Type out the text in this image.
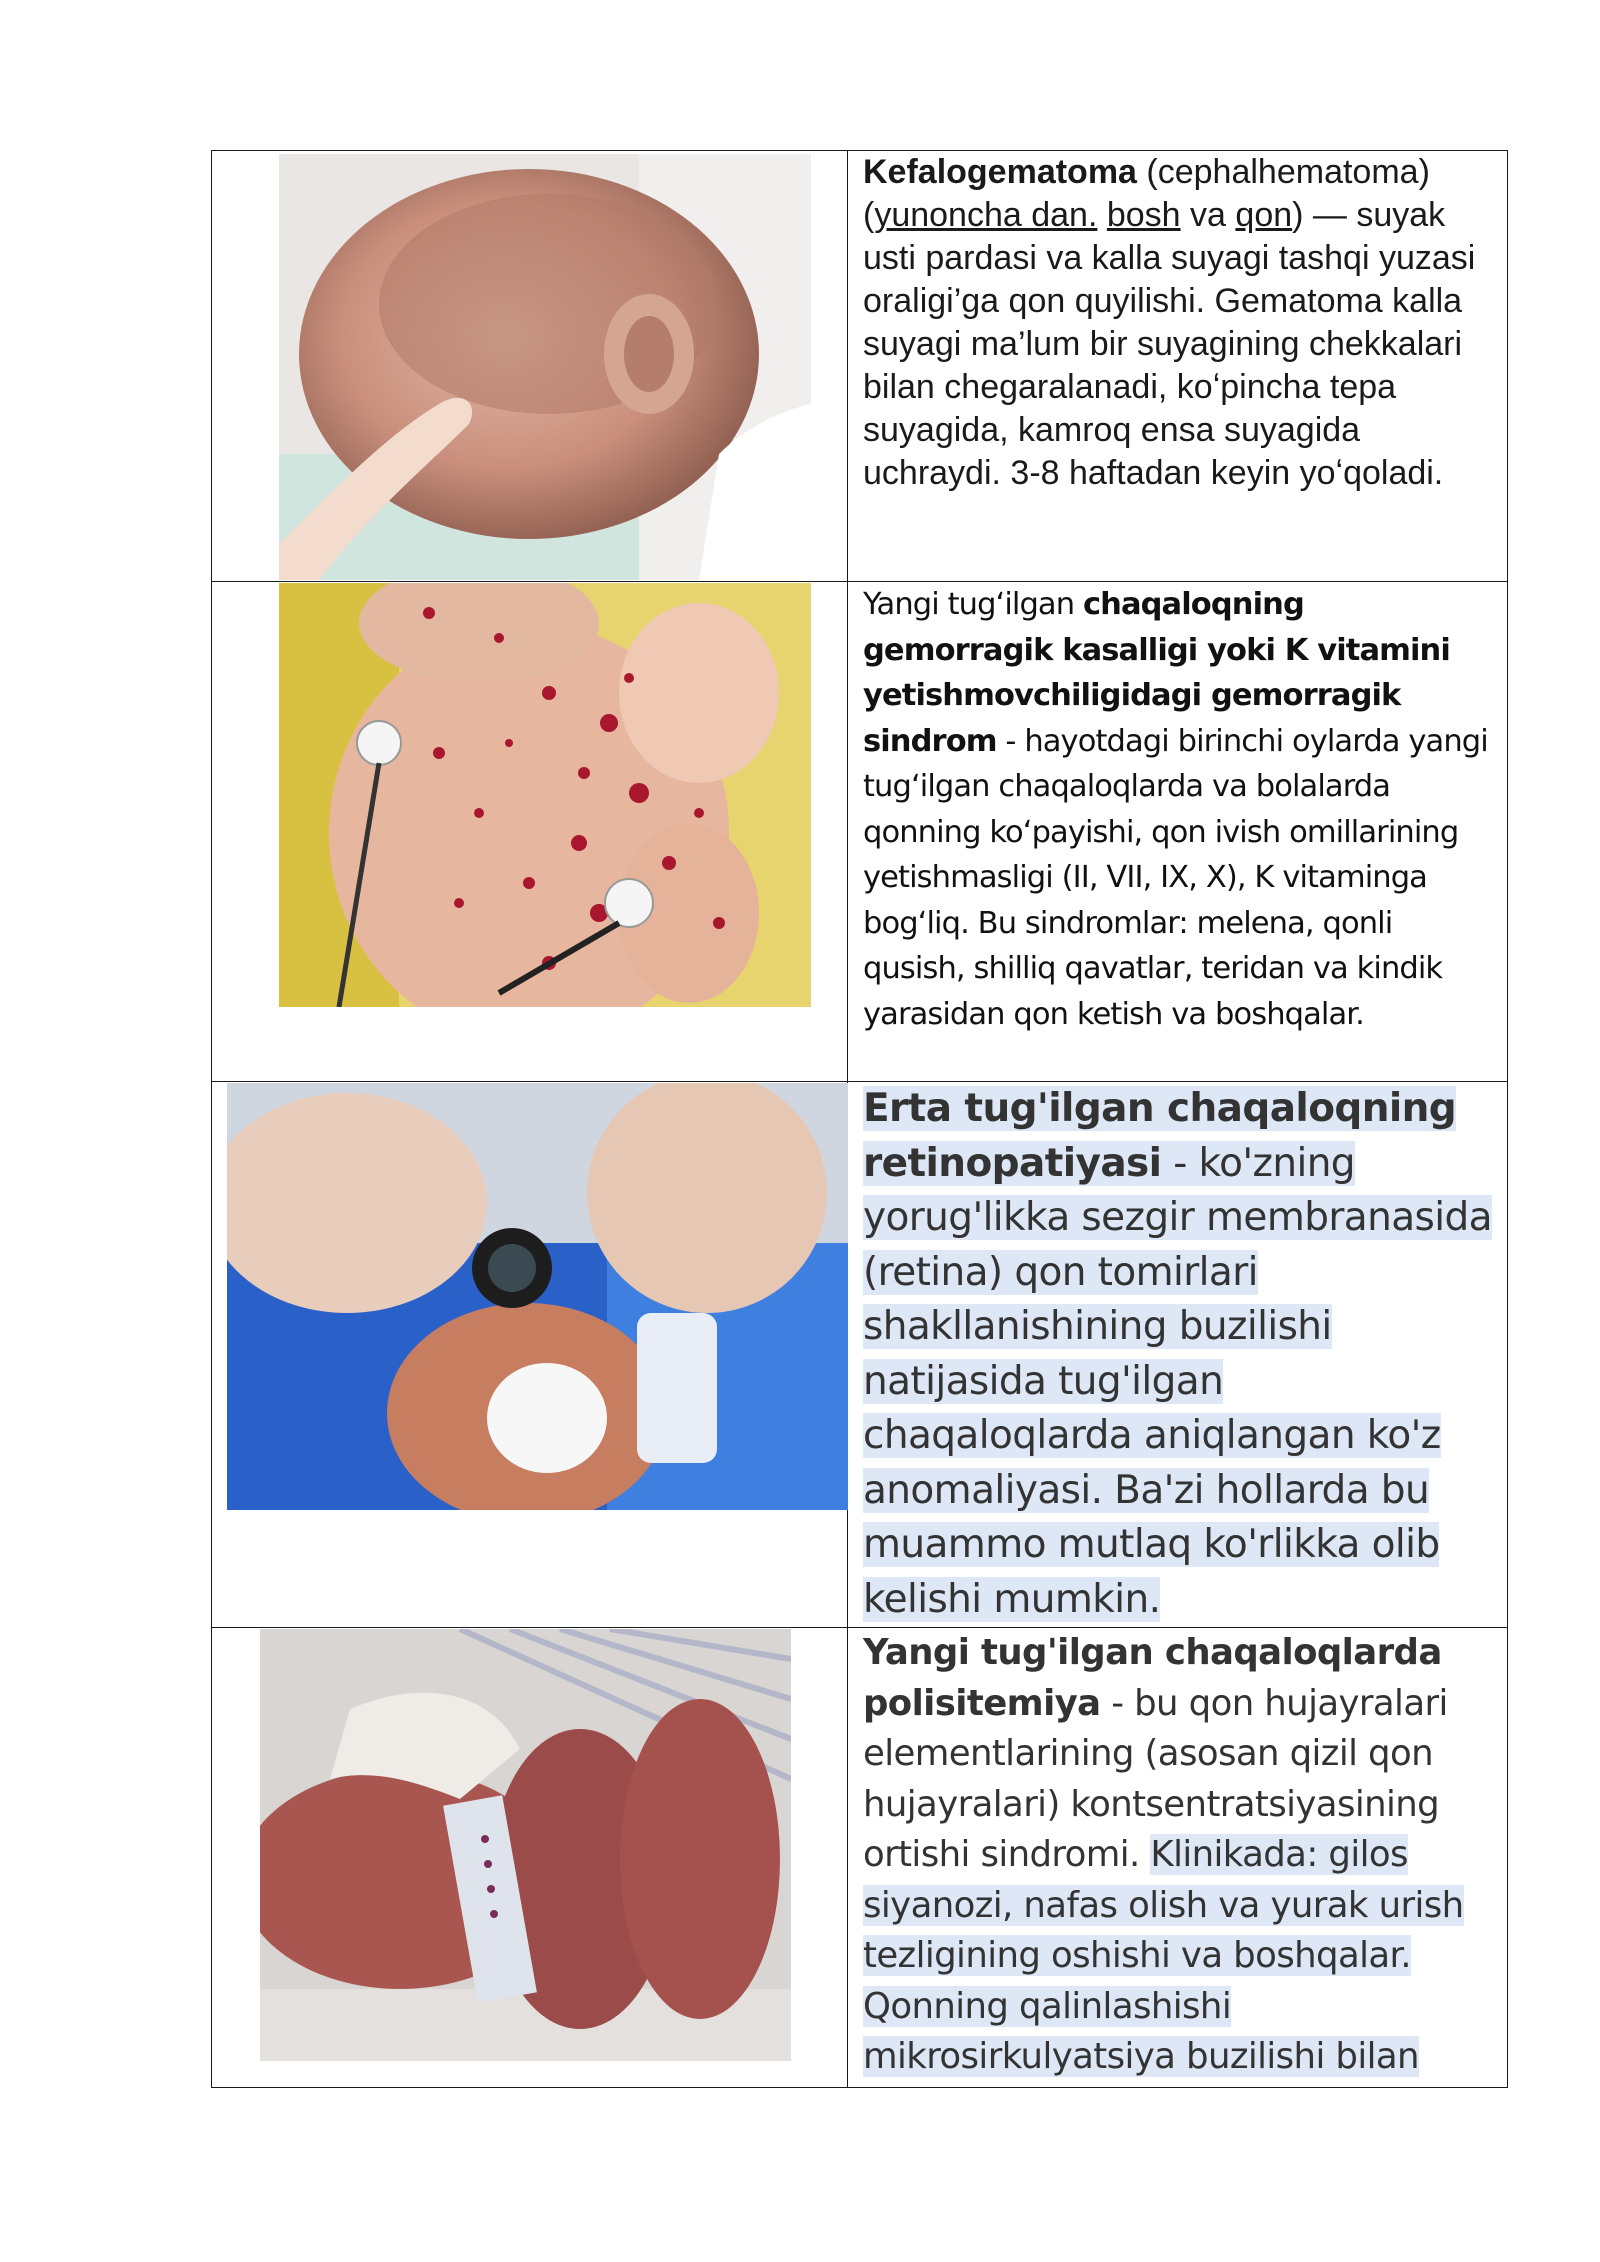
	Kefalogematoma (cephalhematoma)
(yunoncha dan. bosh va qon) — suyak usti pardasi va kalla suyagi tashqi yuzasi oraligi’ga qon quyilishi. Gematoma kalla suyagi ma’lum bir suyagining chekkalari bilan chegaralanadi, koʻpincha tepa suyagida, kamroq ensa suyagida uchraydi. 3-8 haftadan keyin yoʻqoladi.

	Yangi tugʻilgan chaqaloqning gemorragik kasalligi yoki K vitamini yetishmovchiligidagi gemorragik sindrom - hayotdagi birinchi oylarda yangi tugʻilgan chaqaloqlarda va bolalarda qonning koʻpayishi, qon ivish omillarining yetishmasligi (II, VII, IX, X), K vitaminga bogʻliq. Bu sindromlar: melena, qonli qusish, shilliq qavatlar, teridan va kindik yarasidan qon ketish va boshqalar.

	Erta tug'ilgan chaqaloqning retinopatiyasi - ko'zning yorug'likka sezgir membranasida (retina) qon tomirlari shakllanishining buzilishi natijasida tug'ilgan chaqaloqlarda aniqlangan ko'z anomaliyasi. Ba'zi hollarda bu muammo mutlaq ko'rlikka olib kelishi mumkin.

	Yangi tug'ilgan chaqaloqlarda polisitemiya - bu qon hujayralari elementlarining (asosan qizil qon hujayralari) kontsentratsiyasining ortishi sindromi. Klinikada: gilos siyanozi, nafas olish va yurak urish tezligining oshishi va boshqalar. Qonning qalinlashishi mikrosirkulyatsiya buzilishi bilan
